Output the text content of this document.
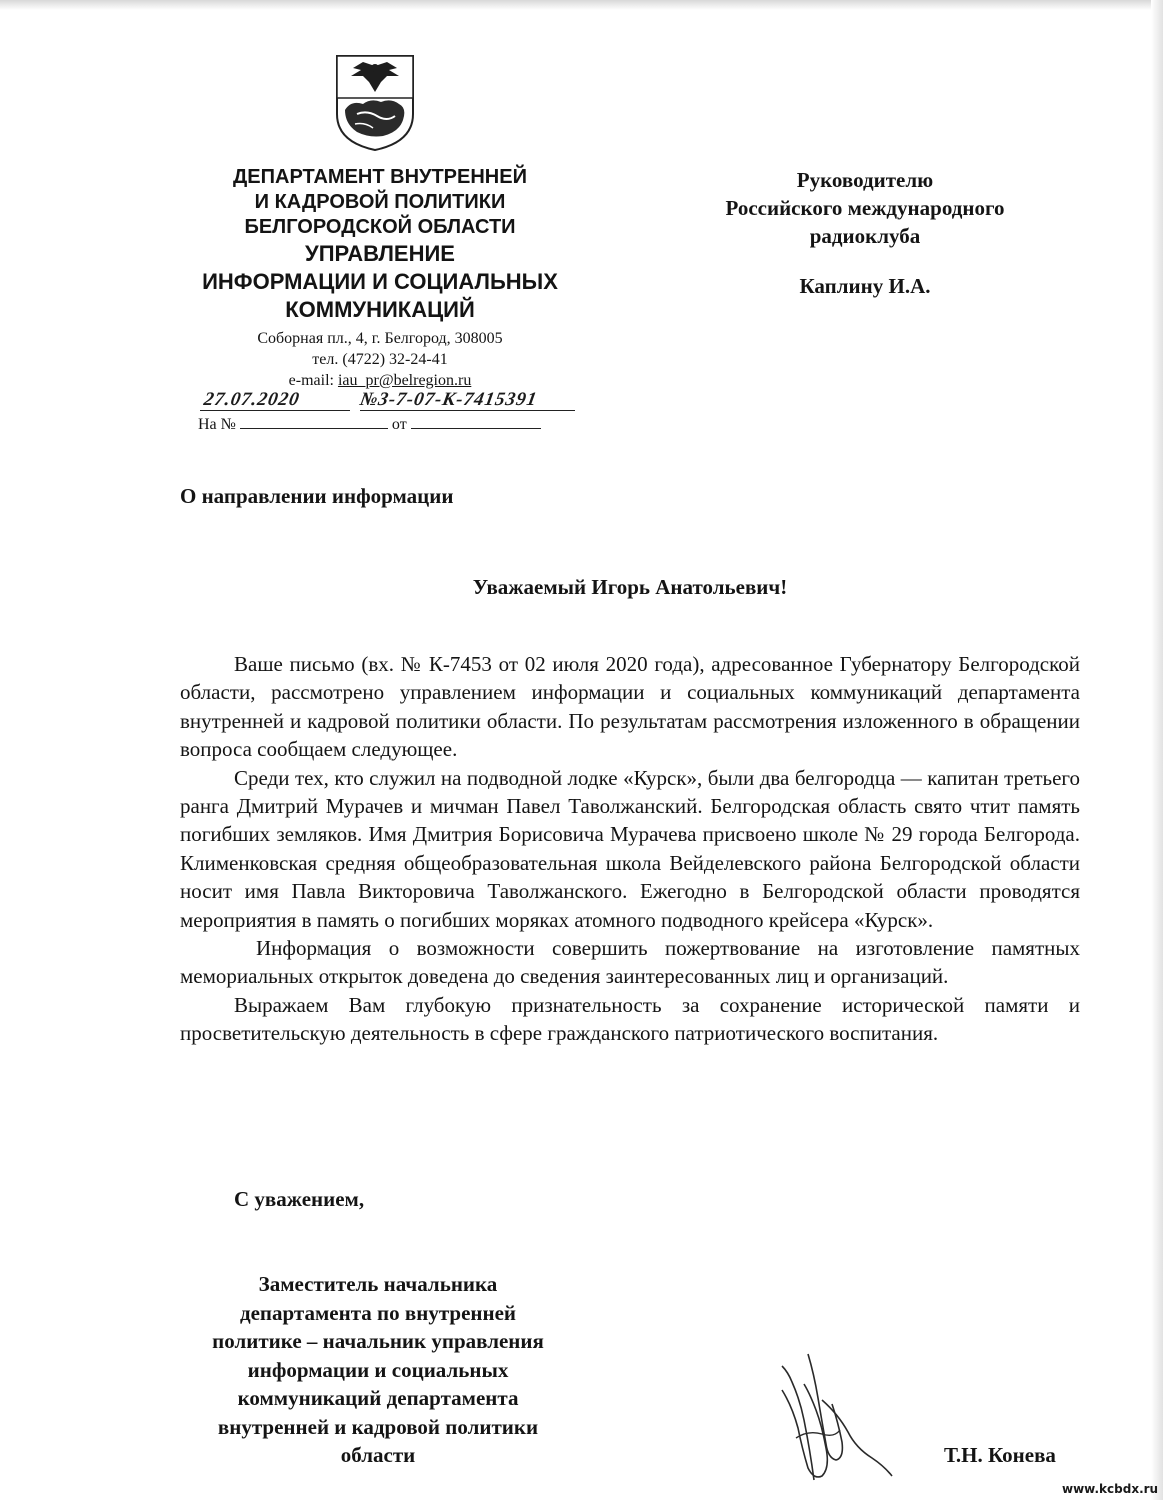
ДЕПАРТАМЕНТ ВНУТРЕННЕЙ
И КАДРОВОЙ ПОЛИТИКИ
БЕЛГОРОДСКОЙ ОБЛАСТИ
УПРАВЛЕНИЕ
ИНФОРМАЦИИ И СОЦИАЛЬНЫХ
КОММУНИКАЦИЙ
Соборная пл., 4, г. Белгород, 308005
тел. (4722) 32-24-41
e-mail: iau_pr@belregion.ru
27.07.2020	№3-7-07-К-7415391
На №	от
Руководителю
Российского международного
радиоклуба
Каплину И.А.
О направлении информации
Уважаемый Игорь Анатольевич!

Ваше письмо (вх. № К-7453 от 02 июля 2020 года), адресованное Губернатору Белгородской области, рассмотрено управлением информации и социальных коммуникаций департамента внутренней и кадровой политики области. По результатам рассмотрения изложенного в обращении вопроса сообщаем следующее.

Среди тех, кто служил на подводной лодке «Курск», были два белгородца — капитан третьего ранга Дмитрий Мурачев и мичман Павел Таволжанский. Белгородская область свято чтит память погибших земляков. Имя Дмитрия Борисовича Мурачева присвоено школе № 29 города Белгорода. Клименковская средняя общеобразовательная школа Вейделевского района Белгородской области носит имя Павла Викторовича Таволжанского. Ежегодно в Белгородской области проводятся мероприятия в память о погибших моряках атомного подводного крейсера «Курск».

Информация о возможности совершить пожертвование на изготовление памятных мемориальных открыток доведена до сведения заинтересованных лиц и организаций.

Выражаем Вам глубокую признательность за сохранение исторической памяти и просветительскую деятельность в сфере гражданского патриотического воспитания.

С уважением,
Заместитель начальника
департамента по внутренней
политике – начальник управления
информации и социальных
коммуникаций департамента
внутренней и кадровой политики
области	Т.Н. Конева
www.kcbdx.ru
